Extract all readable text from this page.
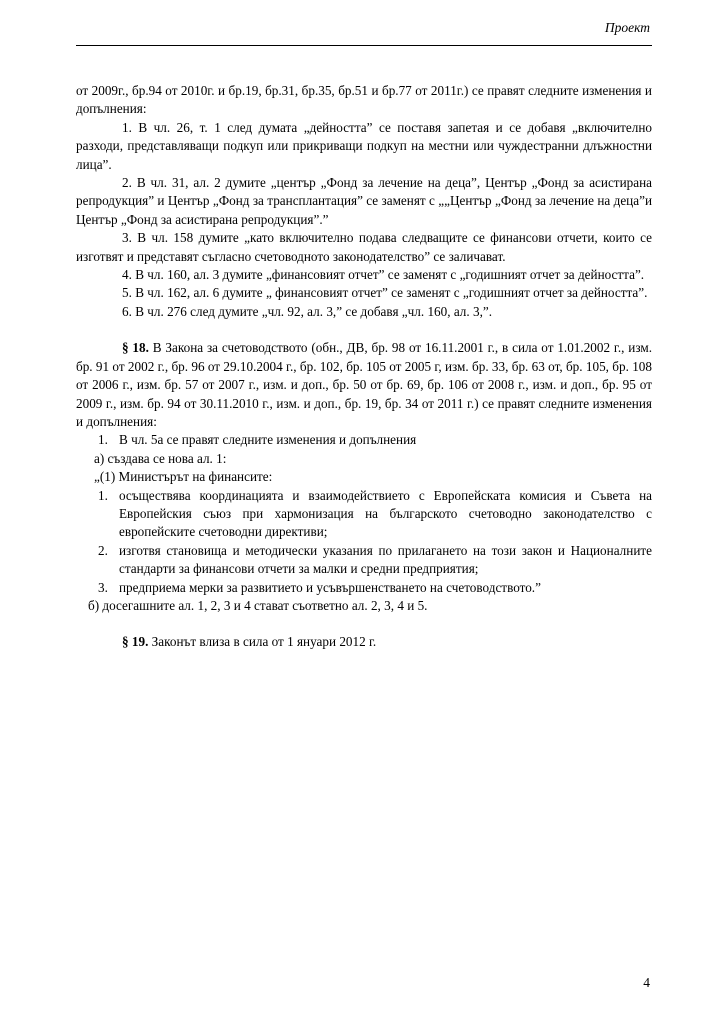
Проект

от 2009г., бр.94 от 2010г. и бр.19, бр.31, бр.35, бр.51 и бр.77 от 2011г.) се правят следните изменения и допълнения:

1. В чл. 26, т. 1 след думата „дейността” се поставя запетая и се добавя „включително разходи, представляващи подкуп или прикриващи подкуп на местни или чуждестранни длъжностни лица”.

2. В чл. 31, ал. 2 думите „център „Фонд за лечение на деца”, Център „Фонд за асистирана репродукция” и Център „Фонд за трансплантация” се заменят с „„Център „Фонд за лечение на деца”и Център „Фонд за асистирана репродукция”.”

3. В чл. 158 думите „като включително подава следващите се финансови отчети, които се изготвят и представят съгласно счетоводното законодателство” се заличават.

4. В чл. 160, ал. 3 думите „финансовият отчет” се заменят с „годишният отчет за дейността”.

5. В чл. 162, ал. 6 думите „ финансовият отчет” се заменят с „годишният отчет за дейността”.

6. В чл. 276 след думите „чл. 92, ал. 3,” се добавя „чл. 160, ал. 3,”.

§ 18. В Закона за счетоводството (обн., ДВ, бр. 98 от 16.11.2001 г., в сила от 1.01.2002 г., изм. бр. 91 от 2002 г., бр. 96 от 29.10.2004 г., бр. 102, бр. 105 от 2005 г, изм. бр. 33, бр. 63 от, бр. 105, бр. 108 от 2006 г., изм. бр. 57 от 2007 г., изм. и доп., бр. 50 от бр. 69, бр. 106 от 2008 г., изм. и доп., бр. 95 от 2009 г., изм. бр. 94 от 30.11.2010 г., изм. и доп., бр. 19, бр. 34 от 2011 г.) се правят следните изменения и допълнения:

1. В чл. 5а се правят следните изменения и допълнения

а) създава се нова ал. 1:

„(1) Министърът на финансите:

1. осъществява координацията и взаимодействието с Европейската комисия и Съвета на Европейския съюз при хармонизация на българското счетоводно законодателство с европейските счетоводни директиви;
2. изготвя становища и методически указания по прилагането на този закон и Националните стандарти за финансови отчети за малки и средни предприятия;
3. предприема мерки за развитието и усъвършенстването на счетоводството.”

б) досегашните ал. 1, 2, 3 и 4 стават съответно ал. 2, 3, 4 и 5.

§ 19. Законът влиза в сила от 1 януари 2012 г.

4
